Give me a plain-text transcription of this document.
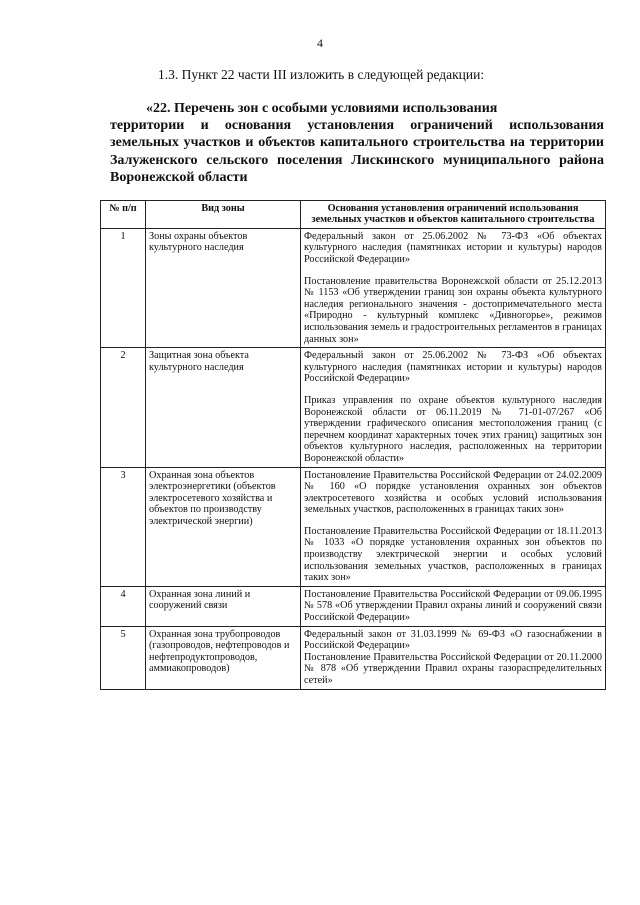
4
1.3. Пункт 22 части III изложить в следующей редакции:
«22. Перечень зон с особыми условиями использования
территории и основания установления ограничений использования земельных участков и объектов капитального строительства на территории Залуженского сельского поселения Лискинского муниципального района Воронежской области
№ п/п	Вид зоны	Основания установления ограничений использования земельных участков и объектов капитального строительства
1	Зоны охраны объектов культурного наследия	Федеральный закон от 25.06.2002 № 73-ФЗ «Об объектах культурного наследия (памятниках истории и культуры) народов Российской Федерации»

Постановление правительства Воронежской области от 25.12.2013 № 1153 «Об утверждении границ зон охраны объекта культурного наследия регионального значения - достопримечательного места «Природно - культурный комплекс «Дивногорье», режимов использования земель и градостроительных регламентов в границах данных зон»

2	Защитная зона объекта культурного наследия	Федеральный закон от 25.06.2002 № 73-ФЗ «Об объектах культурного наследия (памятниках истории и культуры) народов Российской Федерации»

Приказ управления по охране объектов культурного наследия Воронежской области от 06.11.2019 № 71-01-07/267 «Об утверждении графического описания местоположения границ (с перечнем координат характерных точек этих границ) защитных зон объектов культурного наследия, расположенных на территории Воронежской области»

3	Охранная зона объектов электроэнергетики (объектов электросетевого хозяйства и объектов по производству электрической энергии)	Постановление Правительства Российской Федерации от 24.02.2009 № 160 «О порядке установления охранных зон объектов электросетевого хозяйства и особых условий использования земельных участков, расположенных в границах таких зон»

Постановление Правительства Российской Федерации от 18.11.2013 № 1033 «О порядке установления охранных зон объектов по производству электрической энергии и особых условий использования земельных участков, расположенных в границах таких зон»

4	Охранная зона линий и сооружений связи	Постановление Правительства Российской Федерации от 09.06.1995 № 578 «Об утверждении Правил охраны линий и сооружений связи Российской Федерации»

5	Охранная зона трубопроводов (газопроводов, нефтепроводов и нефтепродуктопроводов, аммиакопроводов)	Федеральный закон от 31.03.1999 № 69-ФЗ «О газоснабжении в Российской Федерации»

Постановление Правительства Российской Федерации от 20.11.2000 № 878 «Об утверждении Правил охраны газораспределительных сетей»
